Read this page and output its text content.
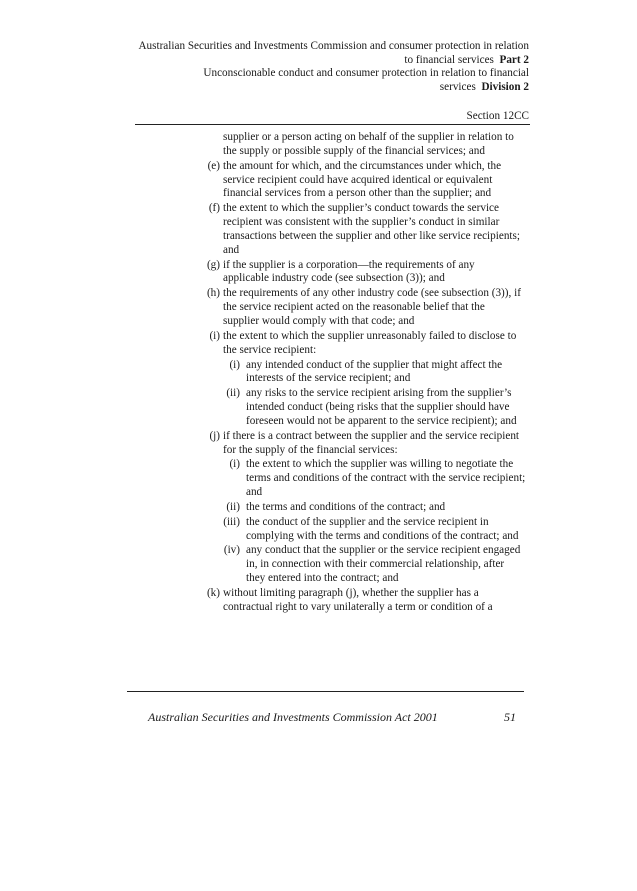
Australian Securities and Investments Commission and consumer protection in relation
to financial services Part 2
Unconscionable conduct and consumer protection in relation to financial
services Division 2
Section 12CC
supplier or a person acting on behalf of the supplier in relation to the supply or possible supply of the financial services; and
(e) the amount for which, and the circumstances under which, the service recipient could have acquired identical or equivalent financial services from a person other than the supplier; and
(f) the extent to which the supplier’s conduct towards the service recipient was consistent with the supplier’s conduct in similar transactions between the supplier and other like service recipients; and
(g) if the supplier is a corporation—the requirements of any applicable industry code (see subsection (3)); and
(h) the requirements of any other industry code (see subsection (3)), if the service recipient acted on the reasonable belief that the supplier would comply with that code; and
(i) the extent to which the supplier unreasonably failed to disclose to the service recipient:
(i) any intended conduct of the supplier that might affect the interests of the service recipient; and
(ii) any risks to the service recipient arising from the supplier’s intended conduct (being risks that the supplier should have foreseen would not be apparent to the service recipient); and
(j) if there is a contract between the supplier and the service recipient for the supply of the financial services:
(i) the extent to which the supplier was willing to negotiate the terms and conditions of the contract with the service recipient; and
(ii) the terms and conditions of the contract; and
(iii) the conduct of the supplier and the service recipient in complying with the terms and conditions of the contract; and
(iv) any conduct that the supplier or the service recipient engaged in, in connection with their commercial relationship, after they entered into the contract; and
(k) without limiting paragraph (j), whether the supplier has a contractual right to vary unilaterally a term or condition of a
Australian Securities and Investments Commission Act 2001	51
